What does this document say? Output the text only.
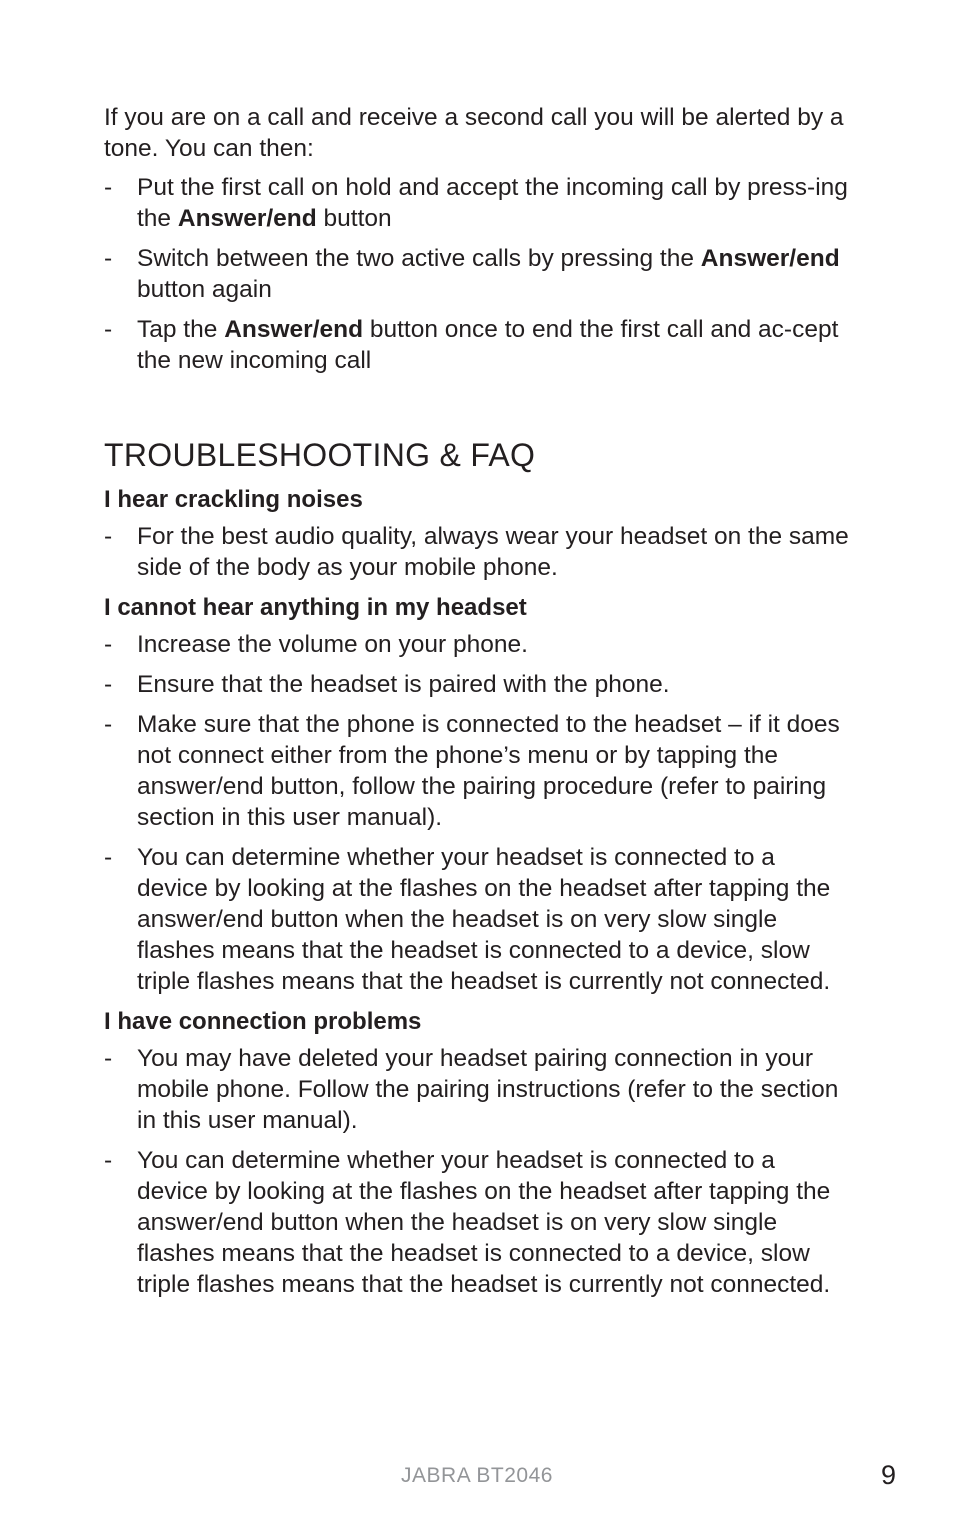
If you are on a call and receive a second call you will be alerted by a tone. You can then:

- Put the first call on hold and accept the incoming call by press-ing the Answer/end button
- Switch between the two active calls by pressing the Answer/end button again
- Tap the Answer/end button once to end the first call and ac-cept the new incoming call
TROUBLESHOOTING & FAQ
I hear crackling noises
- For the best audio quality, always wear your headset on the same side of the body as your mobile phone.
I cannot hear anything in my headset
- Increase the volume on your phone.
- Ensure that the headset is paired with the phone.
- Make sure that the phone is connected to the headset – if it does not connect either from the phone’s menu or by tapping the answer/end button, follow the pairing procedure (refer to pairing section in this user manual).
- You can determine whether your headset is connected to a device by looking at the flashes on the headset after tapping the answer/end button when the headset is on very slow single flashes means that the headset is connected to a device, slow triple flashes means that the headset is currently not connected.
I have connection problems
- You may have deleted your headset pairing connection in your mobile phone. Follow the pairing instructions (refer to the section in this user manual).
- You can determine whether your headset is connected to a device by looking at the flashes on the headset after tapping the answer/end button when the headset is on very slow single flashes means that the headset is connected to a device, slow triple flashes means that the headset is currently not connected.
JABRA BT2046	9
